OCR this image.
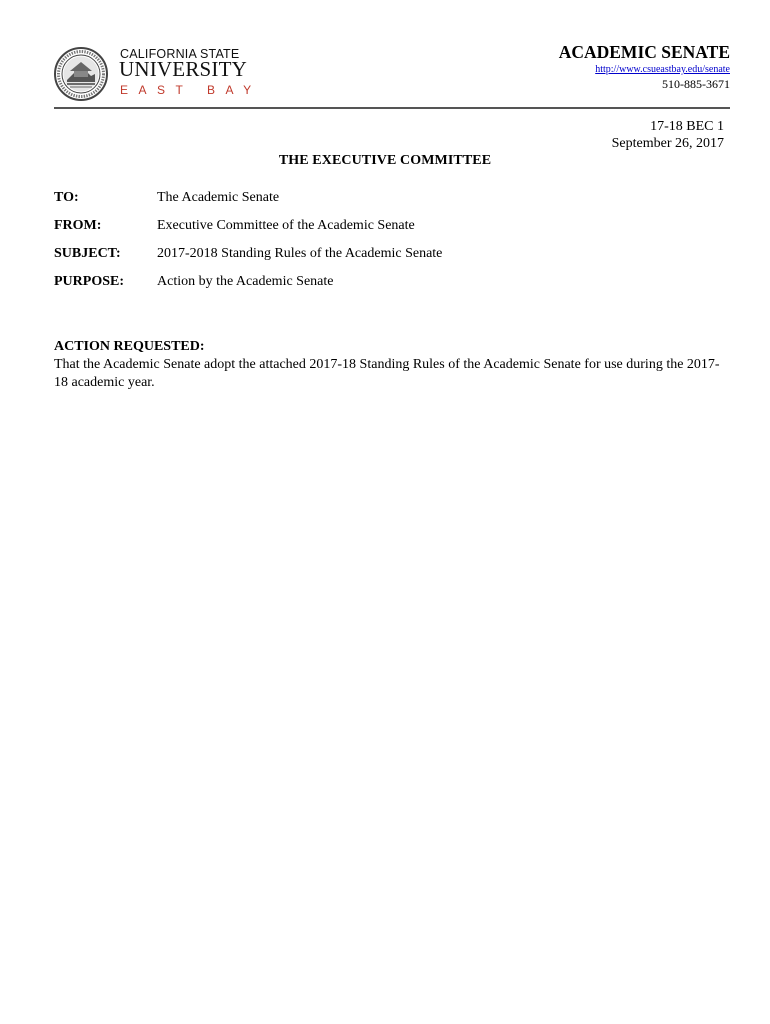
CALIFORNIA STATE
UNIVERSITY
EAST BAY
ACADEMIC SENATE
http://www.csueastbay.edu/senate
510-885-3671
17-18 BEC 1
September 26, 2017
THE EXECUTIVE COMMITTEE
TO:	The Academic Senate
FROM:	Executive Committee of the Academic Senate
SUBJECT:	2017-2018 Standing Rules of the Academic Senate
PURPOSE: Action by the Academic Senate
ACTION REQUESTED:
That the Academic Senate adopt the attached 2017-18 Standing Rules of the Academic Senate for use during the 2017-18 academic year.
